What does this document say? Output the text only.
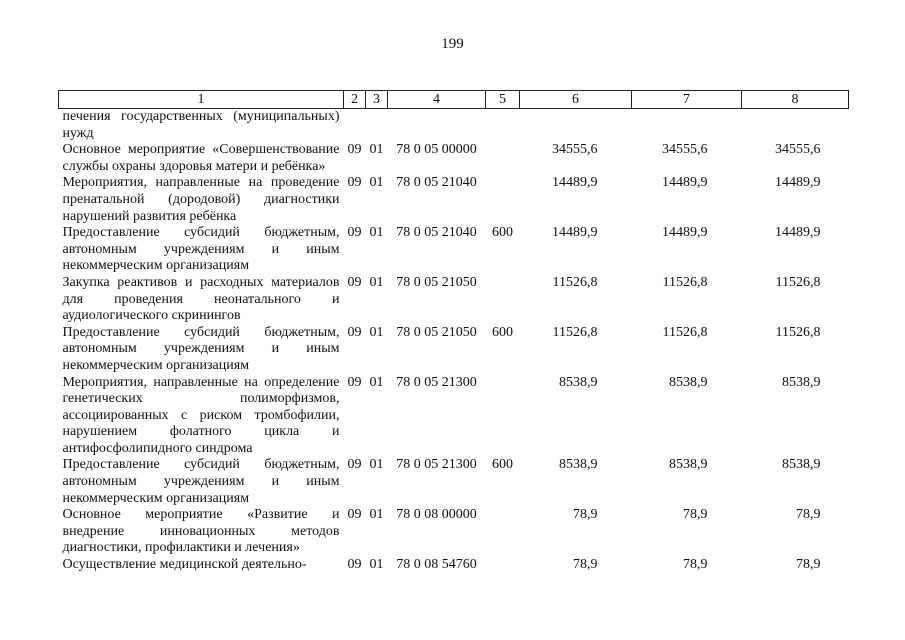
199
1	2	3	4	5	6	7	8
печения государственных (муниципальных) нужд							
Основное мероприятие «Совершенствование службы охраны здоровья матери и ребёнка»	09	01	78 0 05 00000		34555,6	34555,6	34555,6
Мероприятия, направленные на проведение пренатальной (дородовой) диагностики нарушений развития ребёнка	09	01	78 0 05 21040		14489,9	14489,9	14489,9
Предоставление субсидий бюджетным, автономным учреждениям и иным некоммерческим организациям	09	01	78 0 05 21040	600	14489,9	14489,9	14489,9
Закупка реактивов и расходных материалов для проведения неонатального и аудиологического скринингов	09	01	78 0 05 21050		11526,8	11526,8	11526,8
Предоставление субсидий бюджетным, автономным учреждениям и иным некоммерческим организациям	09	01	78 0 05 21050	600	11526,8	11526,8	11526,8
Мероприятия, направленные на определение генетических полиморфизмов, ассоциированных с риском тромбофилии, нарушением фолатного цикла и антифосфолипидного синдрома	09	01	78 0 05 21300		8538,9	8538,9	8538,9
Предоставление субсидий бюджетным, автономным учреждениям и иным некоммерческим организациям	09	01	78 0 05 21300	600	8538,9	8538,9	8538,9
Основное мероприятие «Развитие и внедрение инновационных методов диагностики, профилактики и лечения»	09	01	78 0 08 00000		78,9	78,9	78,9
Осуществление медицинской деятельно-	09	01	78 0 08 54760		78,9	78,9	78,9
